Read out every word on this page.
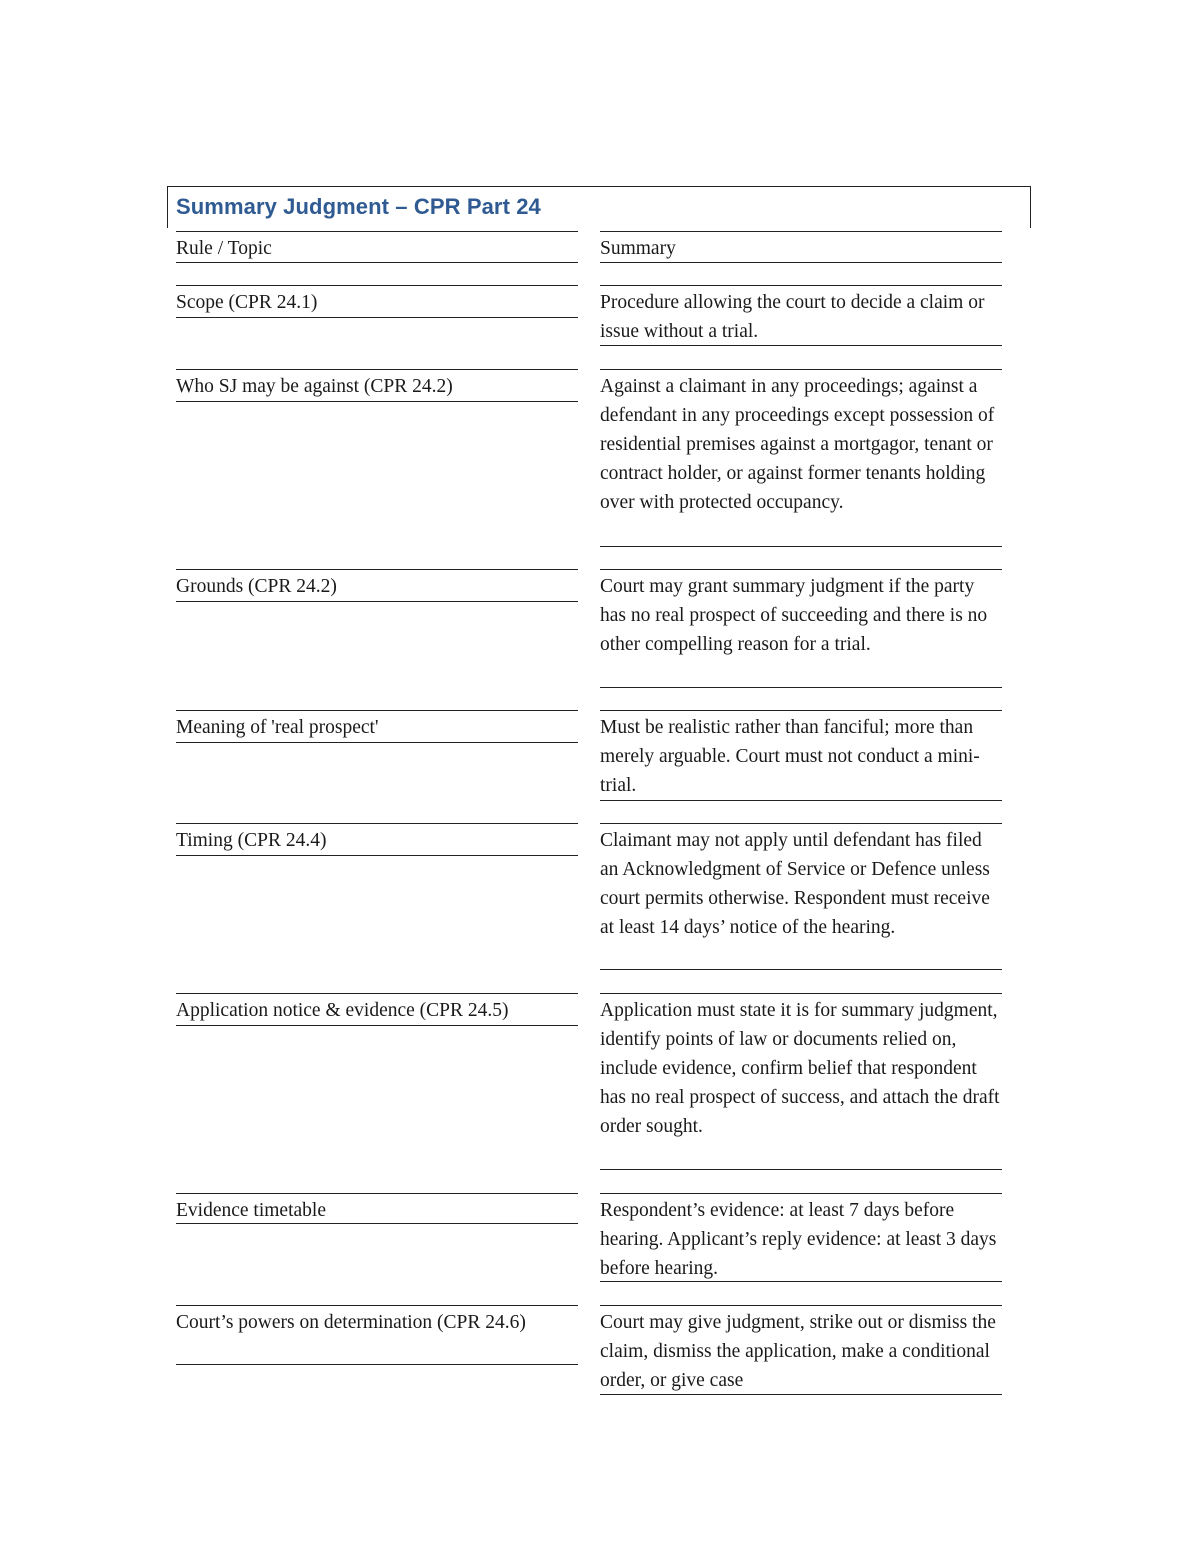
Summary Judgment – CPR Part 24
Rule / Topic	Summary
Scope (CPR 24.1)	Procedure allowing the court to decide a claim or issue without a trial.
Who SJ may be against (CPR 24.2)	Against a claimant in any proceedings; against a defendant in any proceedings except possession of residential premises against a mortgagor, tenant or contract holder, or against former tenants holding over with protected occupancy.
Grounds (CPR 24.2)	Court may grant summary judgment if the party has no real prospect of succeeding and there is no other compelling reason for a trial.
Meaning of 'real prospect'	Must be realistic rather than fanciful; more than merely arguable. Court must not conduct a mini-trial.
Timing (CPR 24.4)	Claimant may not apply until defendant has filed an Acknowledgment of Service or Defence unless court permits otherwise. Respondent must receive at least 14 days’ notice of the hearing.
Application notice & evidence (CPR 24.5)	Application must state it is for summary judgment, identify points of law or documents relied on, include evidence, confirm belief that respondent has no real prospect of success, and attach the draft order sought.
Evidence timetable	Respondent’s evidence: at least 7 days before hearing. Applicant’s reply evidence: at least 3 days before hearing.
Court’s powers on determination (CPR 24.6)	Court may give judgment, strike out or dismiss the claim, dismiss the application, make a conditional order, or give case
